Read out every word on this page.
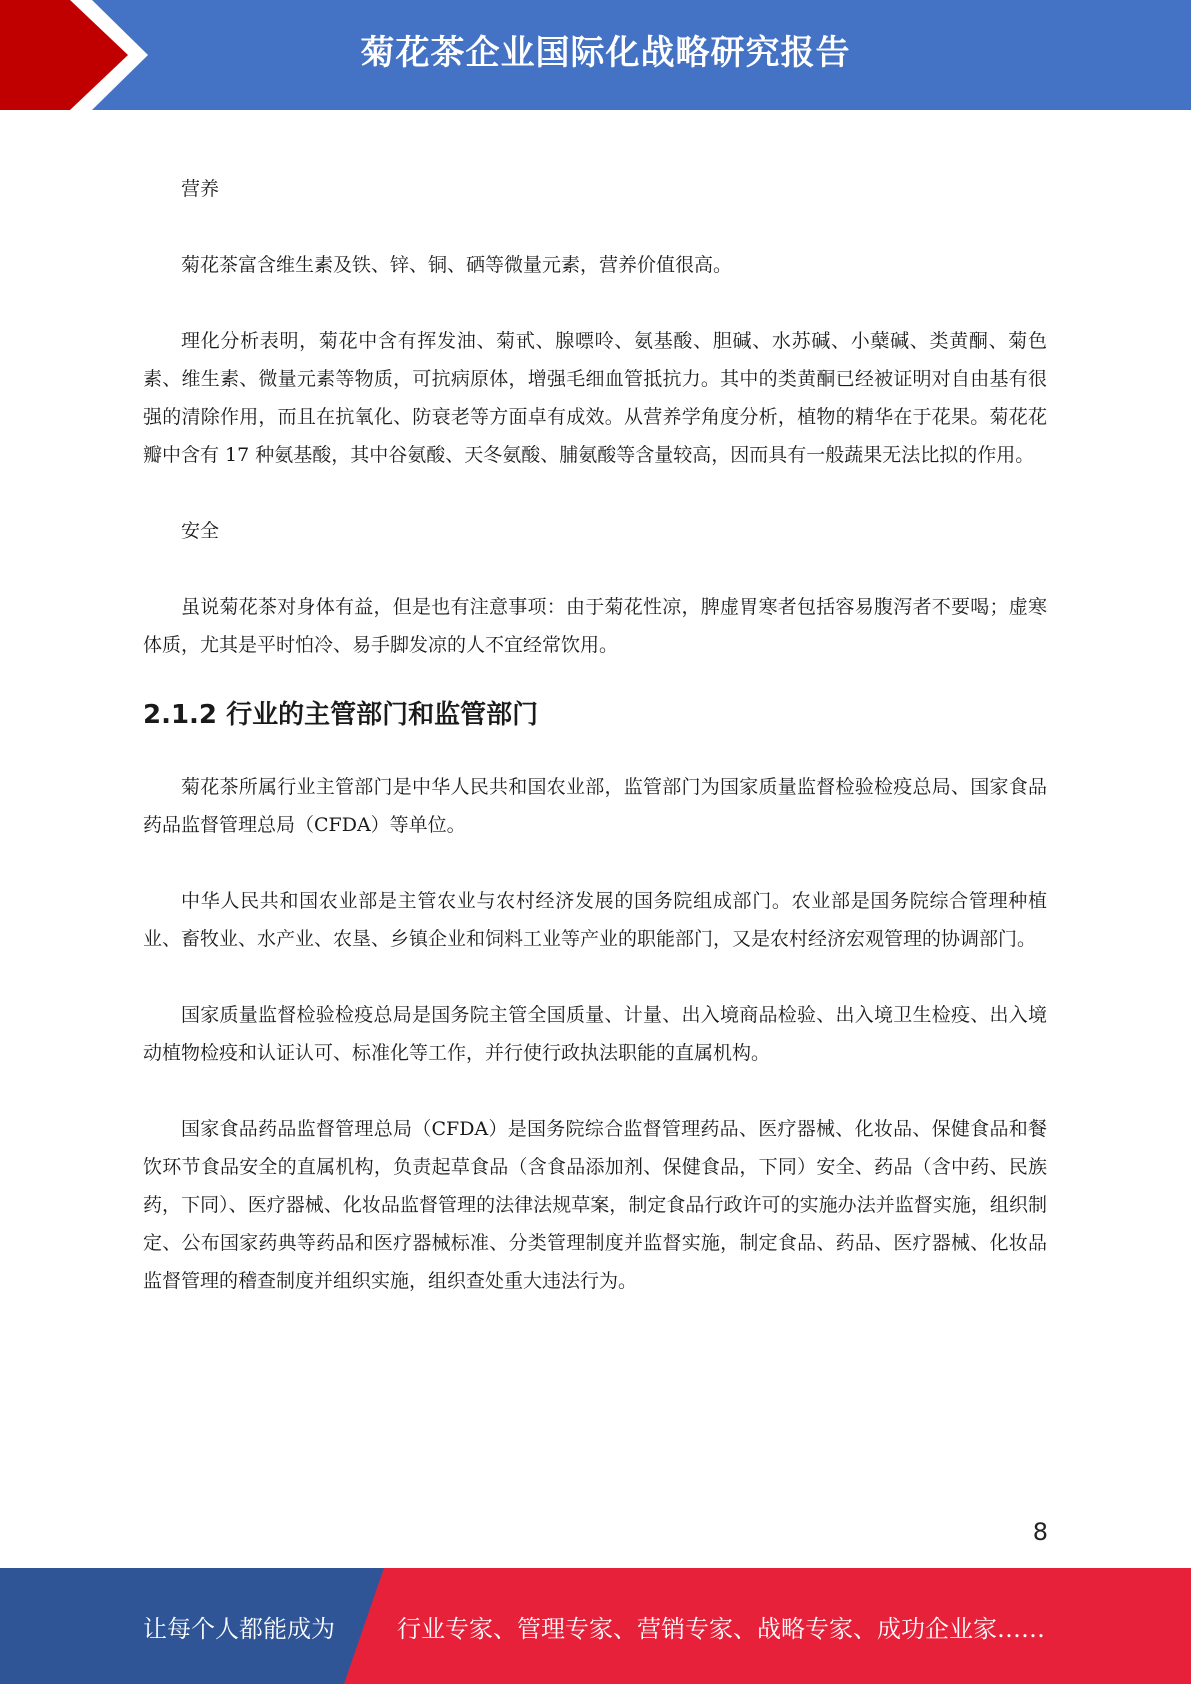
菊花茶企业国际化战略研究报告

营养

菊花茶富含维生素及铁、锌、铜、硒等微量元素，营养价值很高。

理化分析表明，菊花中含有挥发油、菊甙、腺嘌呤、氨基酸、胆碱、水苏碱、小蘖碱、类黄酮、菊色素、维生素、微量元素等物质，可抗病原体，增强毛细血管抵抗力。其中的类黄酮已经被证明对自由基有很强的清除作用，而且在抗氧化、防衰老等方面卓有成效。从营养学角度分析，植物的精华在于花果。菊花花瓣中含有 17 种氨基酸，其中谷氨酸、天冬氨酸、脯氨酸等含量较高，因而具有一般蔬果无法比拟的作用。

安全

虽说菊花茶对身体有益，但是也有注意事项：由于菊花性凉，脾虚胃寒者包括容易腹泻者不要喝；虚寒体质，尤其是平时怕冷、易手脚发凉的人不宜经常饮用。

2.1.2 行业的主管部门和监管部门

菊花茶所属行业主管部门是中华人民共和国农业部，监管部门为国家质量监督检验检疫总局、国家食品药品监督管理总局（CFDA）等单位。

中华人民共和国农业部是主管农业与农村经济发展的国务院组成部门。农业部是国务院综合管理种植业、畜牧业、水产业、农垦、乡镇企业和饲料工业等产业的职能部门，又是农村经济宏观管理的协调部门。

国家质量监督检验检疫总局是国务院主管全国质量、计量、出入境商品检验、出入境卫生检疫、出入境动植物检疫和认证认可、标准化等工作，并行使行政执法职能的直属机构。

国家食品药品监督管理总局（CFDA）是国务院综合监督管理药品、医疗器械、化妆品、保健食品和餐饮环节食品安全的直属机构，负责起草食品（含食品添加剂、保健食品，下同）安全、药品（含中药、民族药，下同）、医疗器械、化妆品监督管理的法律法规草案，制定食品行政许可的实施办法并监督实施，组织制定、公布国家药典等药品和医疗器械标准、分类管理制度并监督实施，制定食品、药品、医疗器械、化妆品监督管理的稽查制度并组织实施，组织查处重大违法行为。

8
让每个人都能成为	行业专家、管理专家、营销专家、战略专家、成功企业家……
